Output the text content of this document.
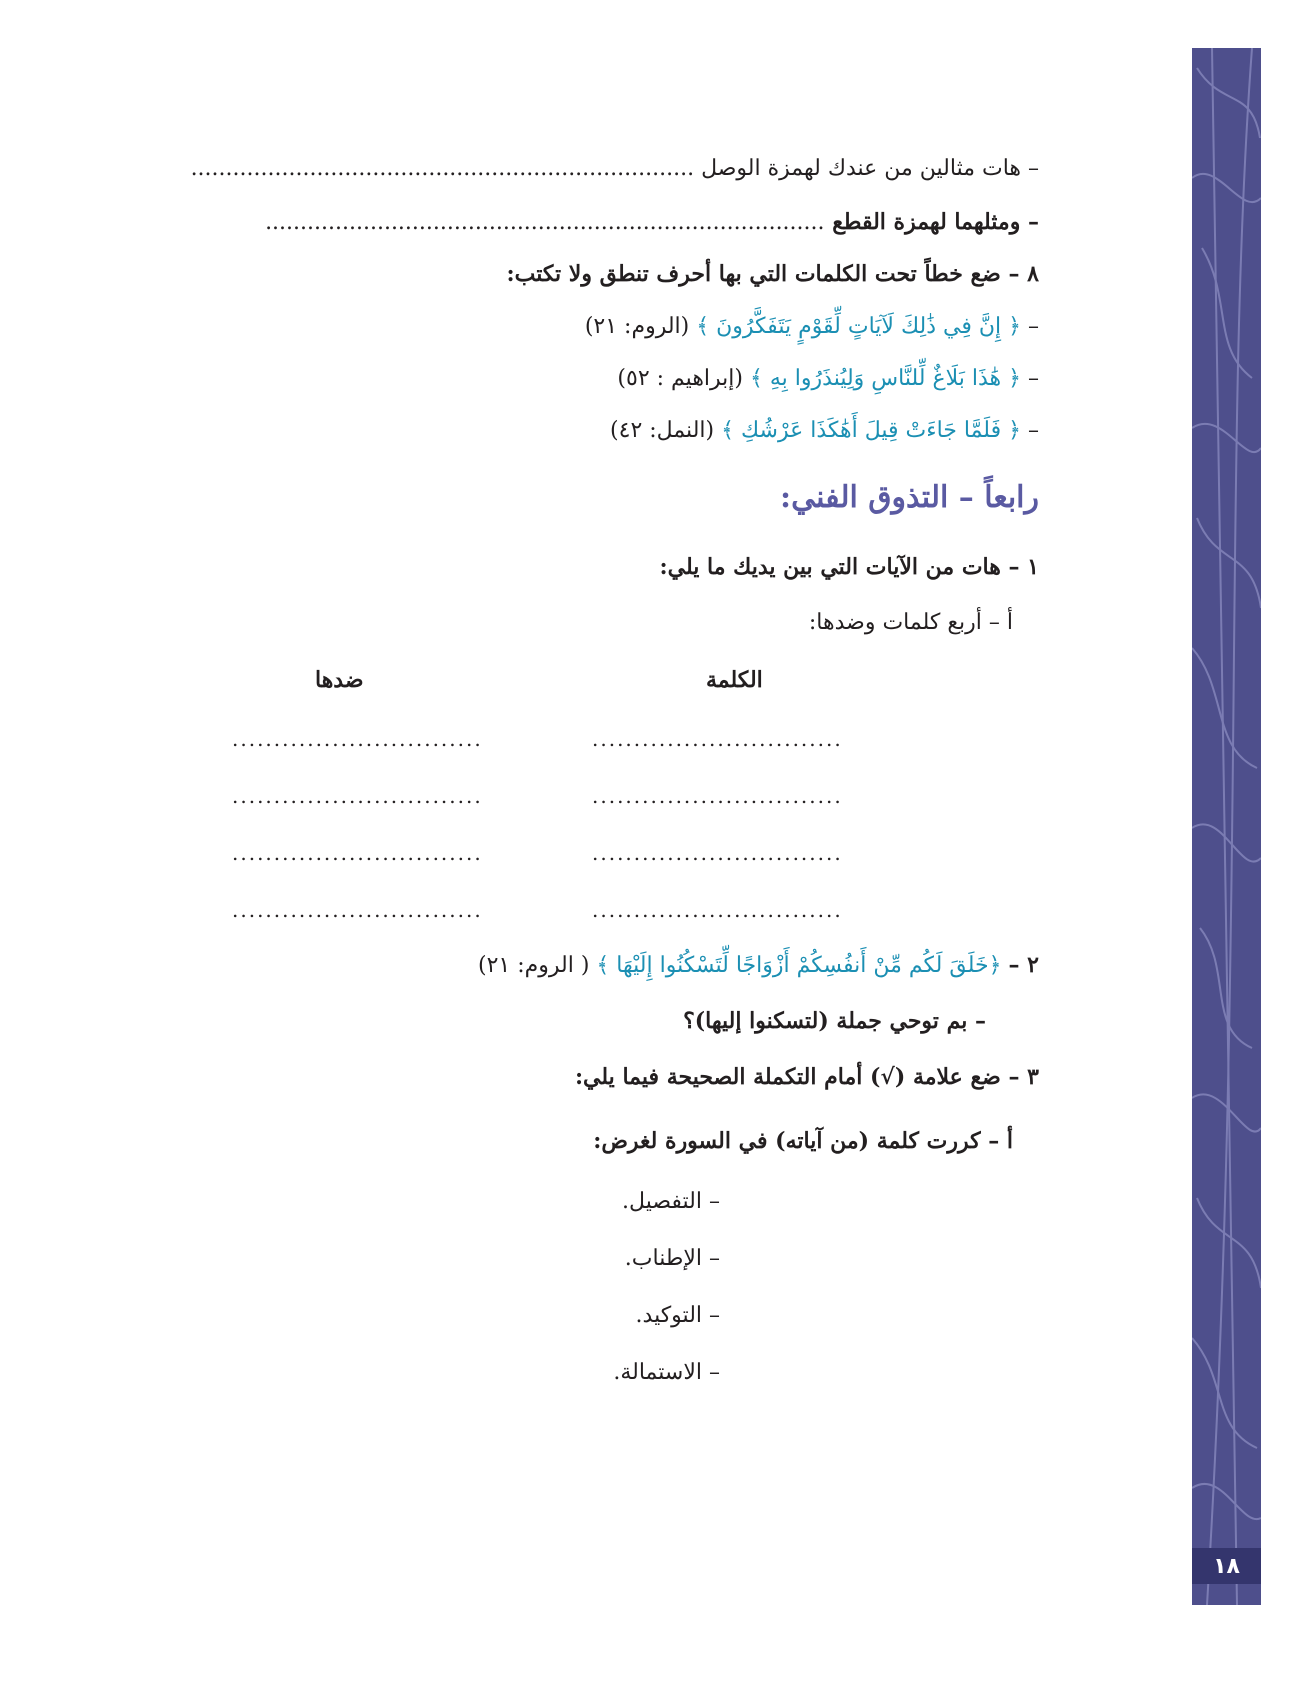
١٨
– هات مثالين من عندك لهمزة الوصل ........................................................................
– ومثلهما لهمزة القطع ................................................................................
٨ – ضع خطاً تحت الكلمات التي بها أحرف تنطق ولا تكتب:
– ﴿ إِنَّ فِي ذَٰلِكَ لَآيَاتٍ لِّقَوْمٍ يَتَفَكَّرُونَ ﴾ (الروم: ٢١)
– ﴿ هَٰذَا بَلَاغٌ لِّلنَّاسِ وَلِيُنذَرُوا بِهِ ﴾ (إبراهيم : ٥٢)
– ﴿ فَلَمَّا جَاءَتْ قِيلَ أَهَٰكَذَا عَرْشُكِ ﴾ (النمل: ٤٢)
رابعاً – التذوق الفني:
١ – هات من الآيات التي بين يديك ما يلي:
أ – أربع كلمات وضدها:
الكلمة
ضدها
..............................
..............................
..............................
..............................
..............................
..............................
..............................
..............................
٢ – ﴿خَلَقَ لَكُم مِّنْ أَنفُسِكُمْ أَزْوَاجًا لِّتَسْكُنُوا إِلَيْهَا ﴾ ( الروم: ٢١)
– بم توحي جملة (لتسكنوا إليها)؟
٣ – ضع علامة (√) أمام التكملة الصحيحة فيما يلي:
أ – كررت كلمة (من آياته) في السورة لغرض:
– التفصيل.
– الإطناب.
– التوكيد.
– الاستمالة.
